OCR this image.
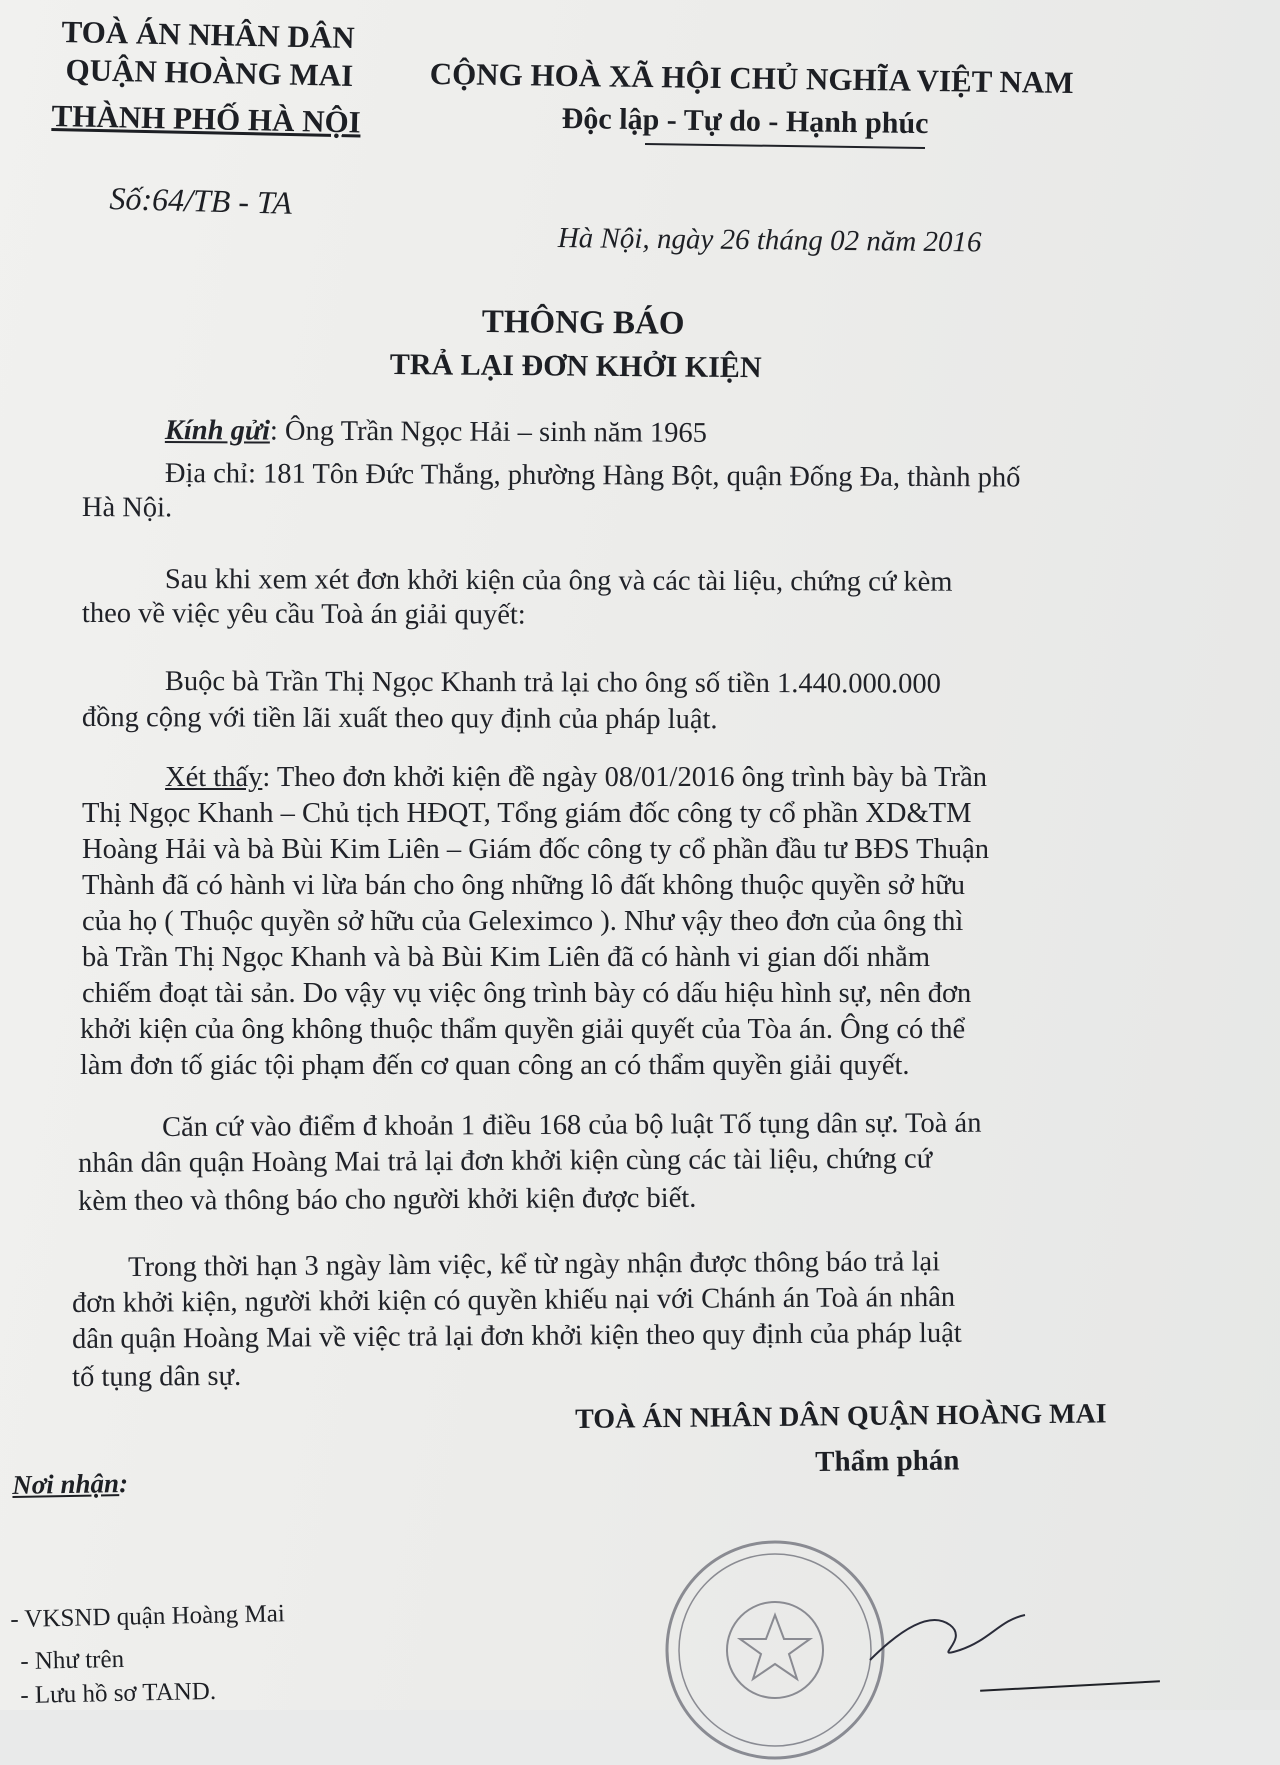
TOÀ ÁN NHÂN DÂN
QUẬN HOÀNG MAI
THÀNH PHỐ HÀ NỘI
Số:64/TB - TA
CỘNG HOÀ XÃ HỘI CHỦ NGHĨA VIỆT NAM
Độc lập - Tự do - Hạnh phúc
Hà Nội, ngày 26 tháng 02 năm 2016
THÔNG BÁO
TRẢ LẠI ĐƠN KHỞI KIỆN
Kính gửi: Ông Trần Ngọc Hải – sinh năm 1965
Địa chỉ: 181 Tôn Đức Thắng, phường Hàng Bột, quận Đống Đa, thành phố
Hà Nội.
Sau khi xem xét đơn khởi kiện của ông và các tài liệu, chứng cứ kèm
theo về việc yêu cầu Toà án giải quyết:
Buộc bà Trần Thị Ngọc Khanh trả lại cho ông số tiền 1.440.000.000
đồng cộng với tiền lãi xuất theo quy định của pháp luật.
Xét thấy: Theo đơn khởi kiện đề ngày 08/01/2016 ông trình bày bà Trần
Thị Ngọc Khanh – Chủ tịch HĐQT, Tổng giám đốc công ty cổ phần XD&TM
Hoàng Hải và bà Bùi Kim Liên – Giám đốc công ty cổ phần đầu tư BĐS Thuận
Thành đã có hành vi lừa bán cho ông những lô đất không thuộc quyền sở hữu
của họ ( Thuộc quyền sở hữu của Geleximco ). Như vậy theo đơn của ông thì
bà Trần Thị Ngọc Khanh và bà Bùi Kim Liên đã có hành vi gian dối nhằm
chiếm đoạt tài sản. Do vậy vụ việc ông trình bày có dấu hiệu hình sự, nên đơn
khởi kiện của ông không thuộc thẩm quyền giải quyết của Tòa án. Ông có thể
làm đơn tố giác tội phạm đến cơ quan công an có thẩm quyền giải quyết.
Căn cứ vào điểm đ khoản 1 điều 168 của bộ luật Tố tụng dân sự. Toà án
nhân dân quận Hoàng Mai trả lại đơn khởi kiện cùng các tài liệu, chứng cứ
kèm theo và thông báo cho người khởi kiện được biết.
Trong thời hạn 3 ngày làm việc, kể từ ngày nhận được thông báo trả lại
đơn khởi kiện, người khởi kiện có quyền khiếu nại với Chánh án Toà án nhân
dân quận Hoàng Mai về việc trả lại đơn khởi kiện theo quy định của pháp luật
tố tụng dân sự.
TOÀ ÁN NHÂN DÂN QUẬN HOÀNG MAI
Thẩm phán
Nơi nhận:
- VKSND quận Hoàng Mai
- Như trên
- Lưu hồ sơ TAND.
